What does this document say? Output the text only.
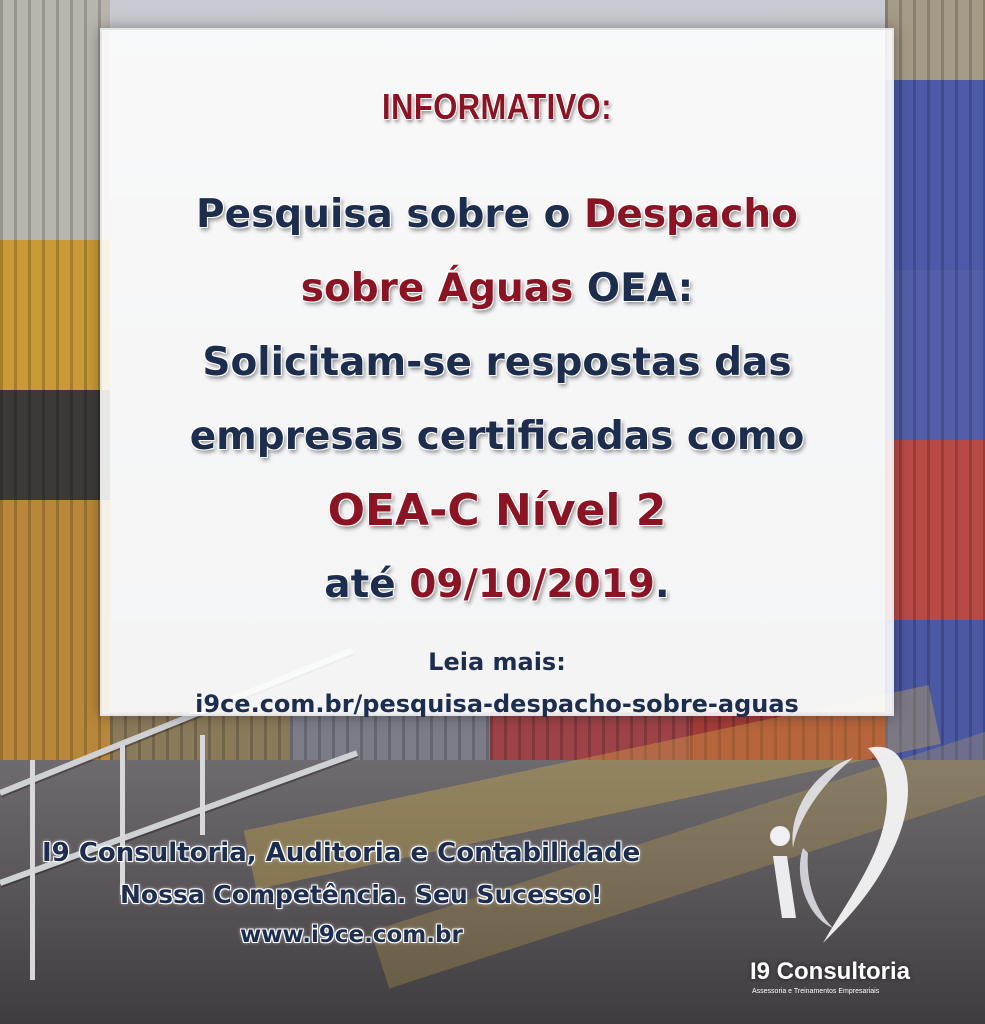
INFORMATIVO:
Pesquisa sobre o Despacho
sobre Águas OEA:
Solicitam-se respostas das
empresas certificadas como
OEA-C Nível 2
até 09/10/2019.
Leia mais:
i9ce.com.br/pesquisa-despacho-sobre-aguas
I9 Consultoria, Auditoria e Contabilidade
Nossa Competência. Seu Sucesso!
www.i9ce.com.br
I9 Consultoria
Assessoria e Treinamentos Empresariais
